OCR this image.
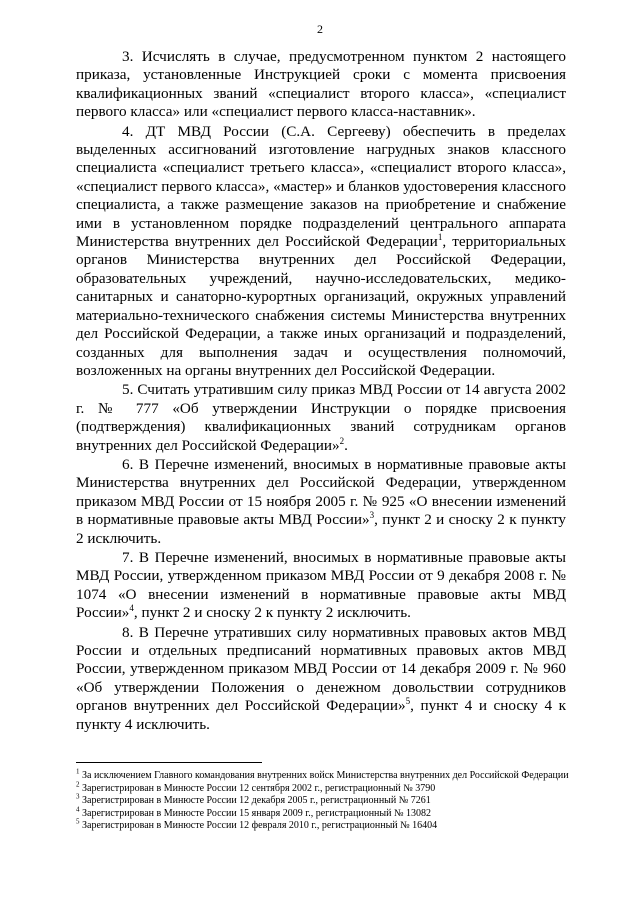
2

3. Исчислять в случае, предусмотренном пунктом 2 настоящего приказа, установленные Инструкцией сроки с момента присвоения квалификационных званий «специалист второго класса», «специалист первого класса» или «специалист первого класса-наставник».

4. ДТ МВД России (С.А. Сергееву) обеспечить в пределах выделенных ассигнований изготовление нагрудных знаков классного специалиста «специалист третьего класса», «специалист второго класса», «специалист первого класса», «мастер» и бланков удостоверения классного специалиста, а также размещение заказов на приобретение и снабжение ими в установленном порядке подразделений центрального аппарата Министерства внутренних дел Российской Федерации$^1$, территориальных органов Министерства внутренних дел Российской Федерации, образовательных учреждений, научно-исследовательских, медико-санитарных и санаторно-курортных организаций, окружных управлений материально-технического снабжения системы Министерства внутренних дел Российской Федерации, а также иных организаций и подразделений, созданных для выполнения задач и осуществления полномочий, возложенных на органы внутренних дел Российской Федерации.

5. Считать утратившим силу приказ МВД России от 14 августа 2002 г. № 777 «Об утверждении Инструкции о порядке присвоения (подтверждения) квалификационных званий сотрудникам органов внутренних дел Российской Федерации»$^2$.

6. В Перечне изменений, вносимых в нормативные правовые акты Министерства внутренних дел Российской Федерации, утвержденном приказом МВД России от 15 ноября 2005 г. № 925 «О внесении изменений в нормативные правовые акты МВД России»$^3$, пункт 2 и сноску 2 к пункту 2 исключить.

7. В Перечне изменений, вносимых в нормативные правовые акты МВД России, утвержденном приказом МВД России от 9 декабря 2008 г. № 1074 «О внесении изменений в нормативные правовые акты МВД России»$^4$, пункт 2 и сноску 2 к пункту 2 исключить.

8. В Перечне утративших силу нормативных правовых актов МВД России и отдельных предписаний нормативных правовых актов МВД России, утвержденном приказом МВД России от 14 декабря 2009 г. № 960 «Об утверждении Положения о денежном довольствии сотрудников органов внутренних дел Российской Федерации»$^5$, пункт 4 и сноску 4 к пункту 4 исключить.

$^1$ За исключением Главного командования внутренних войск Министерства внутренних дел Российской Федерации

$^2$ Зарегистрирован в Минюсте России 12 сентября 2002 г., регистрационный № 3790

$^3$ Зарегистрирован в Минюсте России 12 декабря 2005 г., регистрационный № 7261

$^4$ Зарегистрирован в Минюсте России 15 января 2009 г., регистрационный № 13082

$^5$ Зарегистрирован в Минюсте России 12 февраля 2010 г., регистрационный № 16404
